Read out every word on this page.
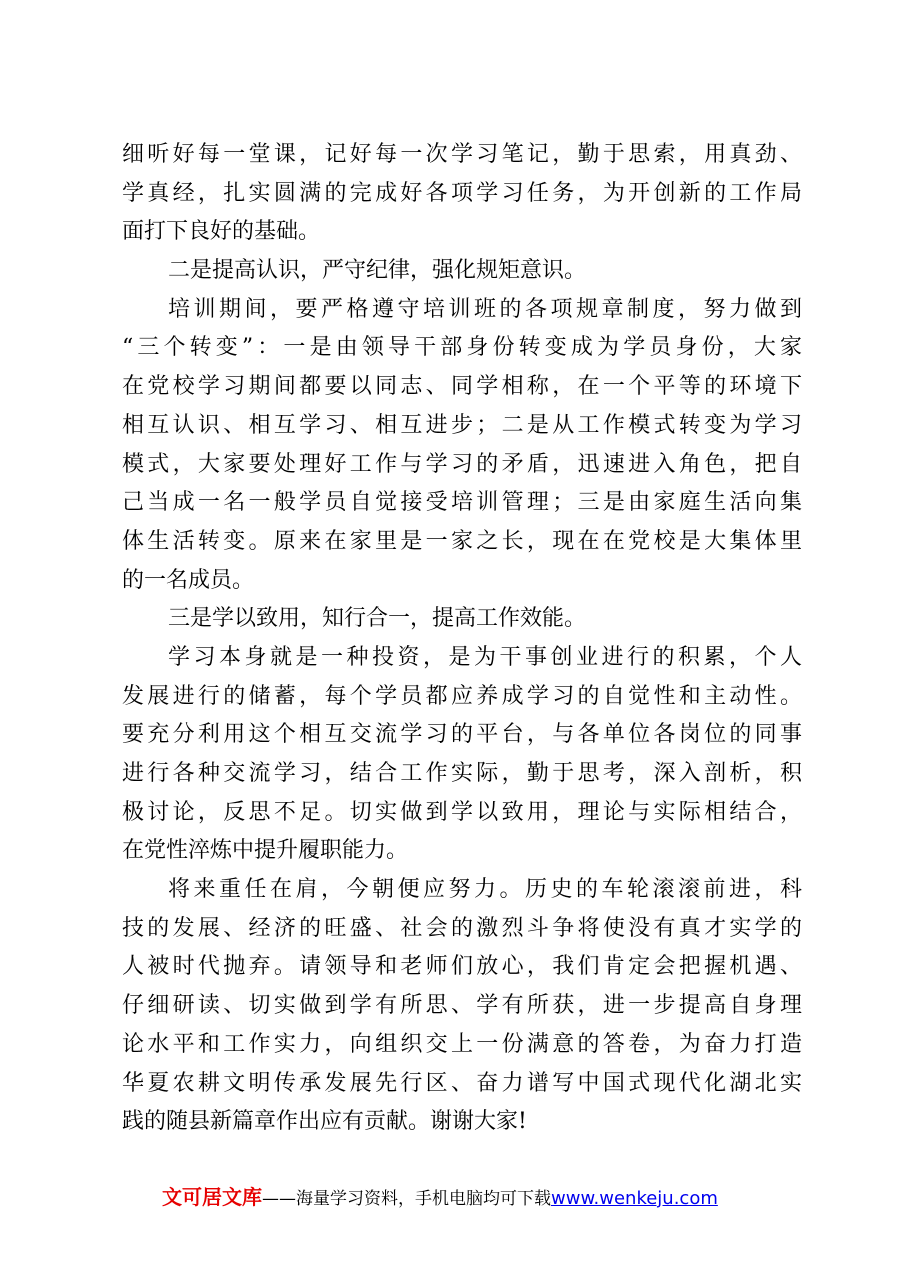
细听好每一堂课，记好每一次学习笔记，勤于思索，用真劲、
学真经，扎实圆满的完成好各项学习任务，为开创新的工作局
面打下良好的基础。
二是提高认识，严守纪律，强化规矩意识。
培训期间，要严格遵守培训班的各项规章制度，努力做到
“三个转变”：一是由领导干部身份转变成为学员身份，大家
在党校学习期间都要以同志、同学相称，在一个平等的环境下
相互认识、相互学习、相互进步；二是从工作模式转变为学习
模式，大家要处理好工作与学习的矛盾，迅速进入角色，把自
己当成一名一般学员自觉接受培训管理；三是由家庭生活向集
体生活转变。原来在家里是一家之长，现在在党校是大集体里
的一名成员。
三是学以致用，知行合一，提高工作效能。
学习本身就是一种投资，是为干事创业进行的积累，个人
发展进行的储蓄，每个学员都应养成学习的自觉性和主动性。
要充分利用这个相互交流学习的平台，与各单位各岗位的同事
进行各种交流学习，结合工作实际，勤于思考，深入剖析，积
极讨论，反思不足。切实做到学以致用，理论与实际相结合，
在党性淬炼中提升履职能力。
将来重任在肩，今朝便应努力。历史的车轮滚滚前进，科
技的发展、经济的旺盛、社会的激烈斗争将使没有真才实学的
人被时代抛弃。请领导和老师们放心，我们肯定会把握机遇、
仔细研读、切实做到学有所思、学有所获，进一步提高自身理
论水平和工作实力，向组织交上一份满意的答卷，为奋力打造
华夏农耕文明传承发展先行区、奋力谱写中国式现代化湖北实
践的随县新篇章作出应有贡献。谢谢大家!
文可居文库——海量学习资料，手机电脑均可下载www.wenkeju.com
